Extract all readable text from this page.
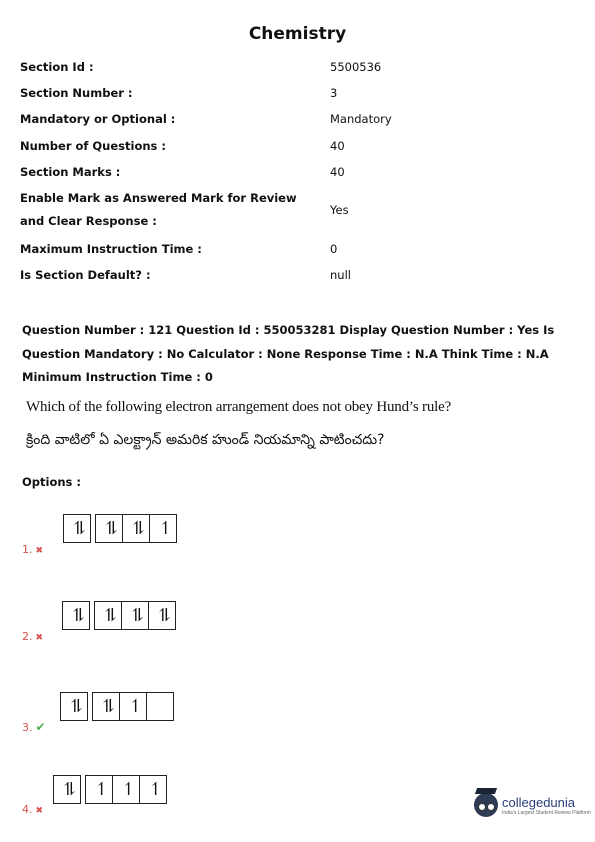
Chemistry
Section Id :	5500536
Section Number :	3
Mandatory or Optional :	Mandatory
Number of Questions :	40
Section Marks :	40
Enable Mark as Answered Mark for Review and Clear Response :
Yes
Maximum Instruction Time :	0
Is Section Default? :	null
Question Number : 121 Question Id : 550053281 Display Question Number : Yes Is Question Mandatory : No Calculator : None Response Time : N.A Think Time : N.A Minimum Instruction Time : 0
Which of the following electron arrangement does not obey Hund’s rule?
క్రింది వాటిలో ఏ ఎలక్ట్రాన్ అమరిక హుండ్ నియమాన్ని పాటించదు?
Options :
⥮	⥮ ⥮ ↿
1. ✖
⥮	⥮ ⥮ ⥮
2. ✖
⥮	⥮ ↿
3. ✔
⥮	↿ ↿ ↿
4. ✖
collegedunia
India's Largest Student Review Platform
